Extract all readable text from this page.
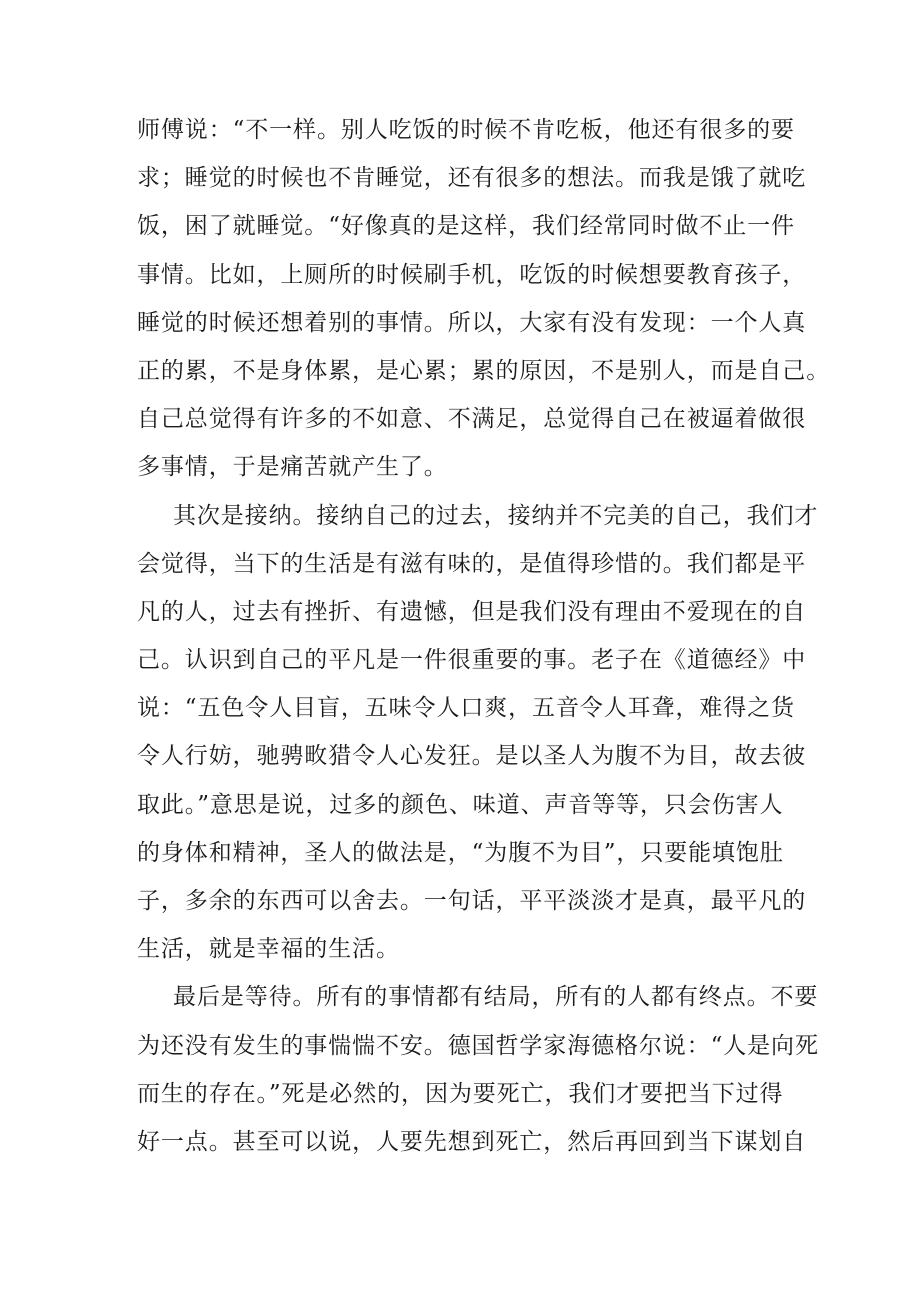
师傅说：“不一样。别人吃饭的时候不肯吃板，他还有很多的要
求；睡觉的时候也不肯睡觉，还有很多的想法。而我是饿了就吃
饭，困了就睡觉。“好像真的是这样，我们经常同时做不止一件
事情。比如，上厕所的时候刷手机，吃饭的时候想要教育孩子，
睡觉的时候还想着别的事情。所以，大家有没有发现：一个人真
正的累，不是身体累，是心累；累的原因，不是别人，而是自己。
自己总觉得有许多的不如意、不满足，总觉得自己在被逼着做很
多事情，于是痛苦就产生了。

其次是接纳。接纳自己的过去，接纳并不完美的自己，我们才
会觉得，当下的生活是有滋有味的，是值得珍惜的。我们都是平
凡的人，过去有挫折、有遗憾，但是我们没有理由不爱现在的自
己。认识到自己的平凡是一件很重要的事。老子在《道德经》中
说：“五色令人目盲，五味令人口爽，五音令人耳聋，难得之货
令人行妨，驰骋畋猎令人心发狂。是以圣人为腹不为目，故去彼
取此。”意思是说，过多的颜色、味道、声音等等，只会伤害人
的身体和精神，圣人的做法是，“为腹不为目”，只要能填饱肚
子，多余的东西可以舍去。一句话，平平淡淡才是真，最平凡的
生活，就是幸福的生活。

最后是等待。所有的事情都有结局，所有的人都有终点。不要
为还没有发生的事惴惴不安。德国哲学家海德格尔说：“人是向死
而生的存在。”死是必然的，因为要死亡，我们才要把当下过得
好一点。甚至可以说，人要先想到死亡，然后再回到当下谋划自
